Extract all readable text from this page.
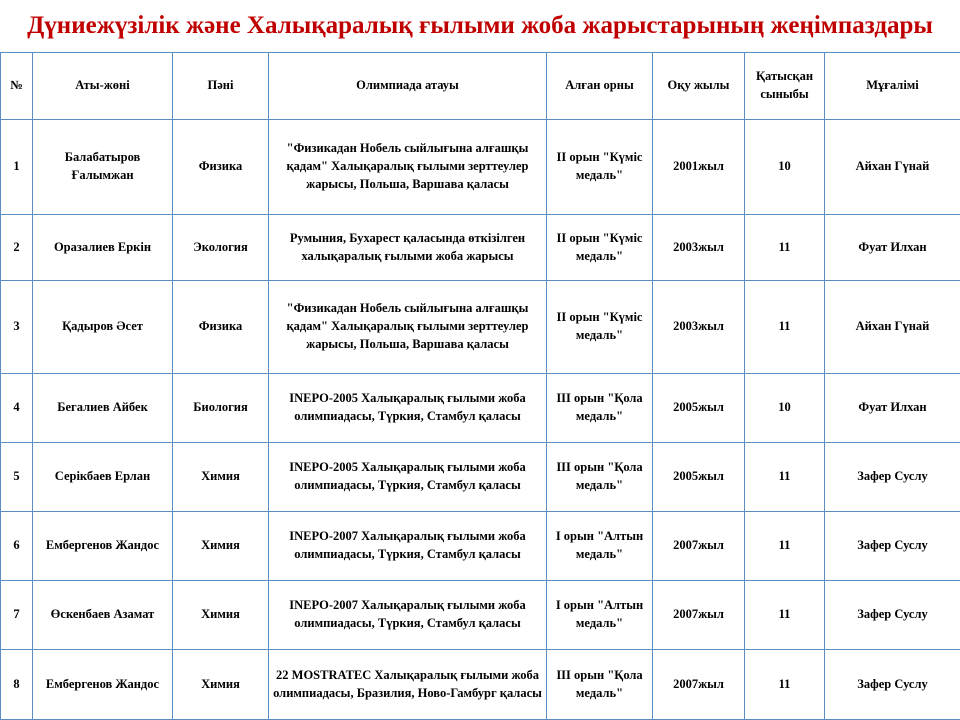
Дүниежүзілік және Халықаралық ғылыми жоба жарыстарының жеңімпаздары
№	Аты-жөні	Пәні	Олимпиада атауы	Алған орны	Оқу жылы	Қатысқан сыныбы	Мұғалімі
1	Балабатыров Ғалымжан	Физика	"Физикадан Нобель сыйлығына алғашқы қадам" Халықаралық ғылыми зерттеулер жарысы, Польша, Варшава қаласы	II орын "Күміс медаль"	2001жыл	10	Айхан Гүнай
2	Оразалиев Еркін	Экология	Румыния, Бухарест қаласында өткізілген халықаралық ғылыми жоба жарысы	II орын "Күміс медаль"	2003жыл	11	Фуат Илхан
3	Қадыров Әсет	Физика	"Физикадан Нобель сыйлығына алғашқы қадам" Халықаралық ғылыми зерттеулер жарысы, Польша, Варшава қаласы	II орын "Күміс медаль"	2003жыл	11	Айхан Гүнай
4	Бегалиев Айбек	Биология	INEPO-2005 Халықаралық ғылыми жоба олимпиадасы, Түркия, Стамбул қаласы	III орын "Қола медаль"	2005жыл	10	Фуат Илхан
5	Серікбаев Ерлан	Химия	INEPO-2005 Халықаралық ғылыми жоба олимпиадасы, Түркия, Стамбул қаласы	III орын "Қола медаль"	2005жыл	11	Зафер Суслу
6	Ембергенов Жандос	Химия	INEPO-2007 Халықаралық ғылыми жоба олимпиадасы, Түркия, Стамбул қаласы	I орын "Алтын медаль"	2007жыл	11	Зафер Суслу
7	Өскенбаев Азамат	Химия	INEPO-2007 Халықаралық ғылыми жоба олимпиадасы, Түркия, Стамбул қаласы	I орын "Алтын медаль"	2007жыл	11	Зафер Суслу
8	Ембергенов Жандос	Химия	22 MOSTRATEC Халықаралық ғылыми жоба олимпиадасы, Бразилия, Ново-Гамбург қаласы	III орын "Қола медаль"	2007жыл	11	Зафер Суслу
